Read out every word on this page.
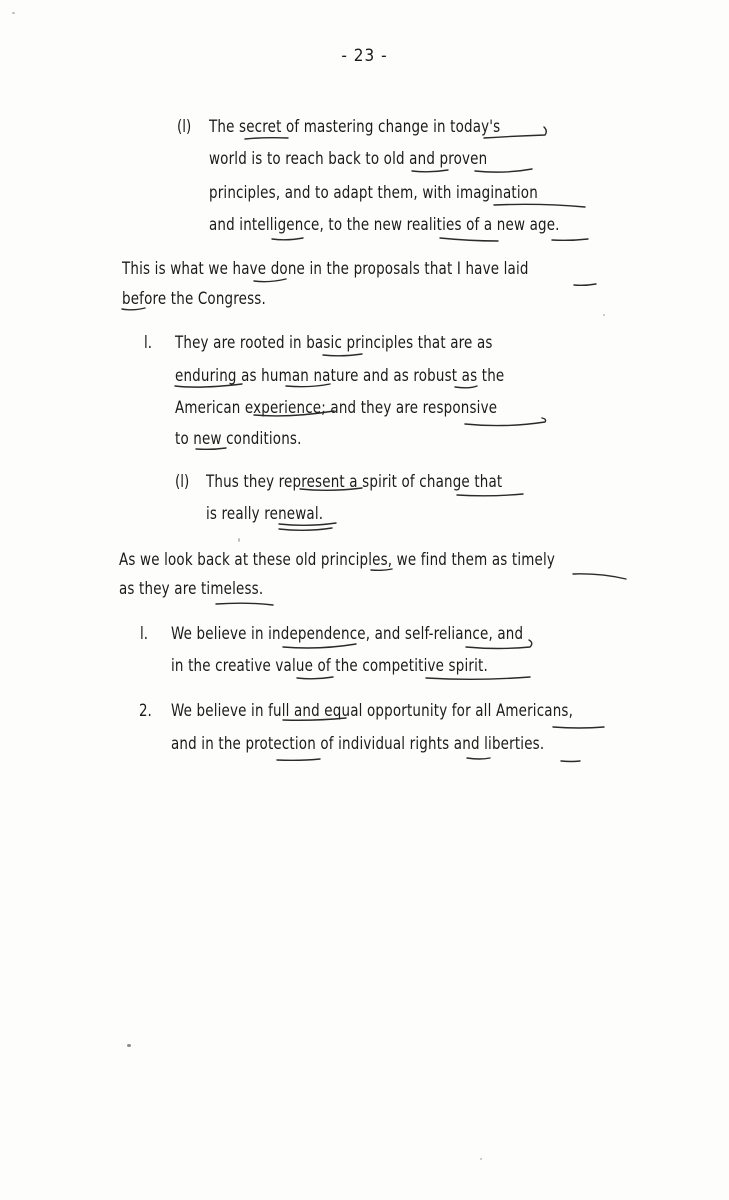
- 23 -
(l) The secret of mastering change in today's
world is to reach back to old and proven
principles, and to adapt them, with imagination
and intelligence, to the new realities of a new age.
This is what we have done in the proposals that I have laid
before the Congress.
l. They are rooted in basic principles that are as
enduring as human nature and as robust as the
American experience; and they are responsive
to new conditions.
(l) Thus they represent a spirit of change that
is really renewal.
As we look back at these old principles, we find them as timely
as they are timeless.
l. We believe in independence, and self-reliance, and
in the creative value of the competitive spirit.
2. We believe in full and equal opportunity for all Americans,
and in the protection of individual rights and liberties.
